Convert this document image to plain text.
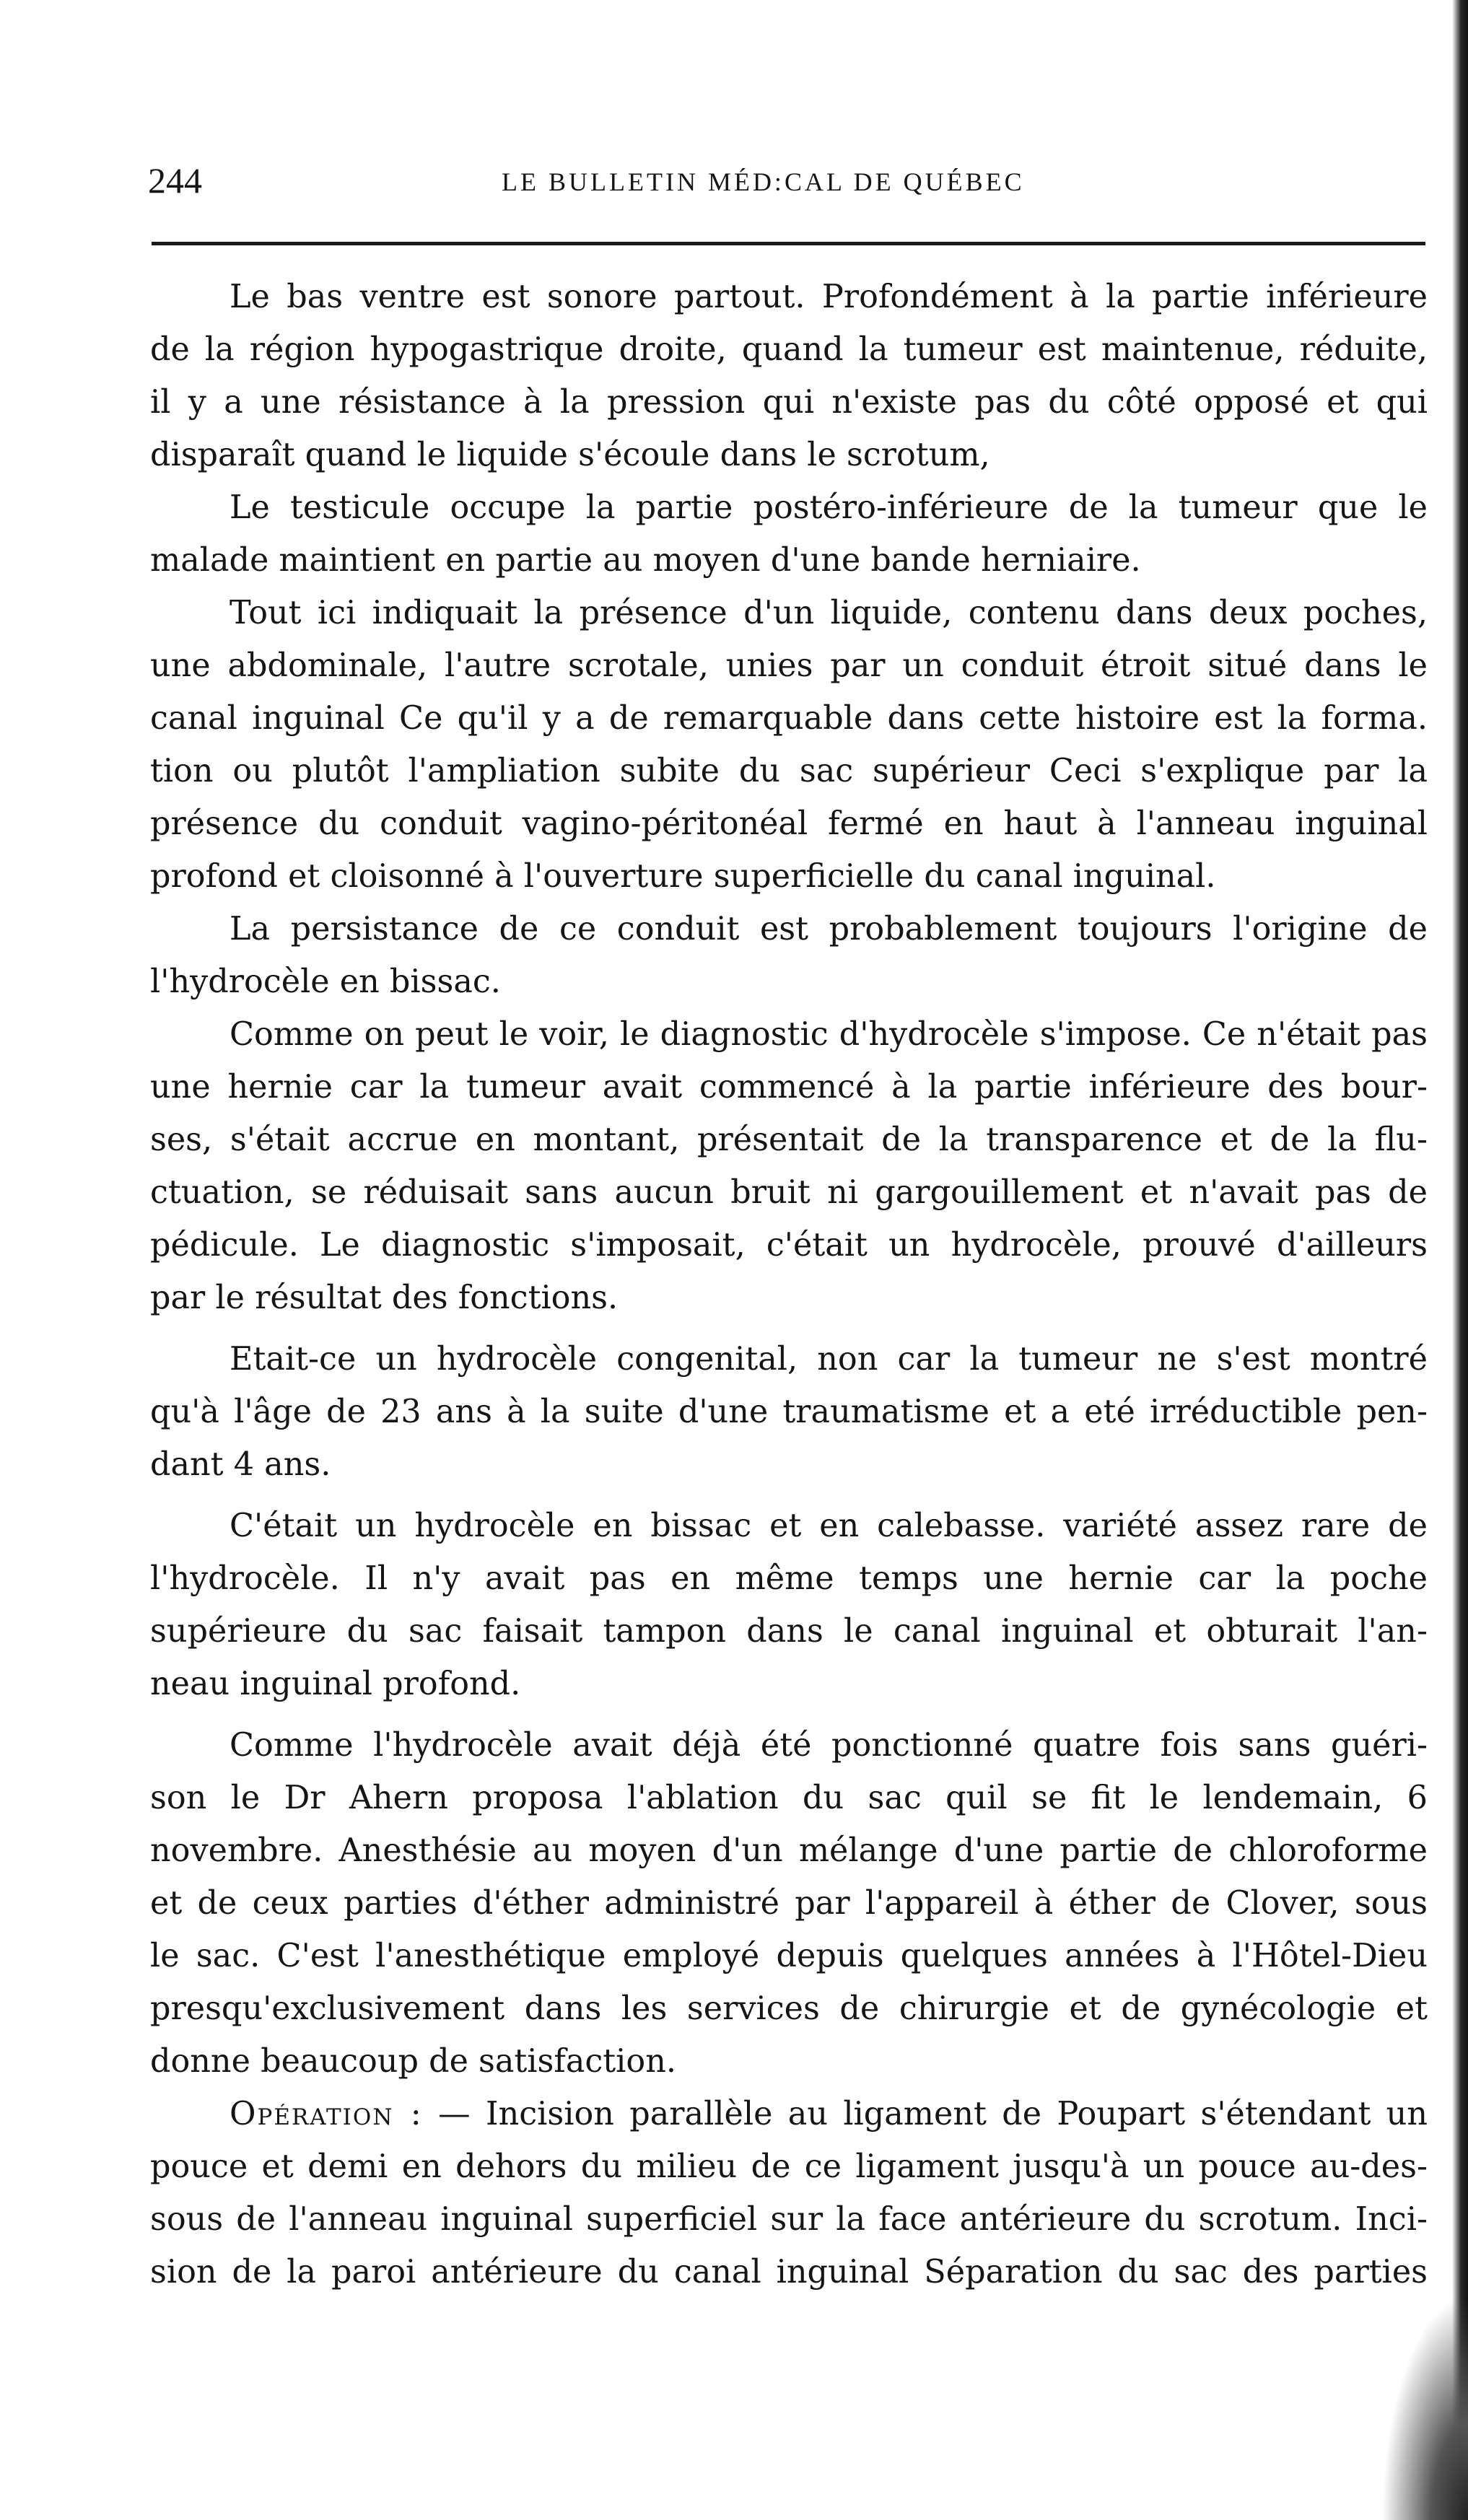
244	LE BULLETIN MÉD:CAL DE QUÉBEC
Le bas ventre est sonore partout. Profondément à la partie inférieure
de la région hypogastrique droite, quand la tumeur est maintenue, réduite,
il y a une résistance à la pression qui n'existe pas du côté opposé et qui
disparaît quand le liquide s'écoule dans le scrotum,
Le testicule occupe la partie postéro-inférieure de la tumeur que le
malade maintient en partie au moyen d'une bande herniaire.
Tout ici indiquait la présence d'un liquide, contenu dans deux poches,
une abdominale, l'autre scrotale, unies par un conduit étroit situé dans le
canal inguinal Ce qu'il y a de remarquable dans cette histoire est la forma.
tion ou plutôt l'ampliation subite du sac supérieur Ceci s'explique par la
présence du conduit vagino-péritonéal fermé en haut à l'anneau inguinal
profond et cloisonné à l'ouverture superficielle du canal inguinal.
La persistance de ce conduit est probablement toujours l'origine de
l'hydrocèle en bissac.
Comme on peut le voir, le diagnostic d'hydrocèle s'impose. Ce n'était pas
une hernie car la tumeur avait commencé à la partie inférieure des bour-
ses, s'était accrue en montant, présentait de la transparence et de la flu-
ctuation, se réduisait sans aucun bruit ni gargouillement et n'avait pas de
pédicule. Le diagnostic s'imposait, c'était un hydrocèle, prouvé d'ailleurs
par le résultat des fonctions.
Etait-ce un hydrocèle congenital, non car la tumeur ne s'est montré
qu'à l'âge de 23 ans à la suite d'une traumatisme et a eté irréductible pen-
dant 4 ans.
C'était un hydrocèle en bissac et en calebasse. variété assez rare de
l'hydrocèle. Il n'y avait pas en même temps une hernie car la poche
supérieure du sac faisait tampon dans le canal inguinal et obturait l'an-
neau inguinal profond.
Comme l'hydrocèle avait déjà été ponctionné quatre fois sans guéri-
son le Dr Ahern proposa l'ablation du sac quil se fit le lendemain, 6
novembre. Anesthésie au moyen d'un mélange d'une partie de chloroforme
et de ceux parties d'éther administré par l'appareil à éther de Clover, sous
le sac. C'est l'anesthétique employé depuis quelques années à l'Hôtel-Dieu
presqu'exclusivement dans les services de chirurgie et de gynécologie et
donne beaucoup de satisfaction.
Opération : — Incision parallèle au ligament de Poupart s'étendant un
pouce et demi en dehors du milieu de ce ligament jusqu'à un pouce au-des-
sous de l'anneau inguinal superficiel sur la face antérieure du scrotum. Inci-
sion de la paroi antérieure du canal inguinal Séparation du sac des parties
